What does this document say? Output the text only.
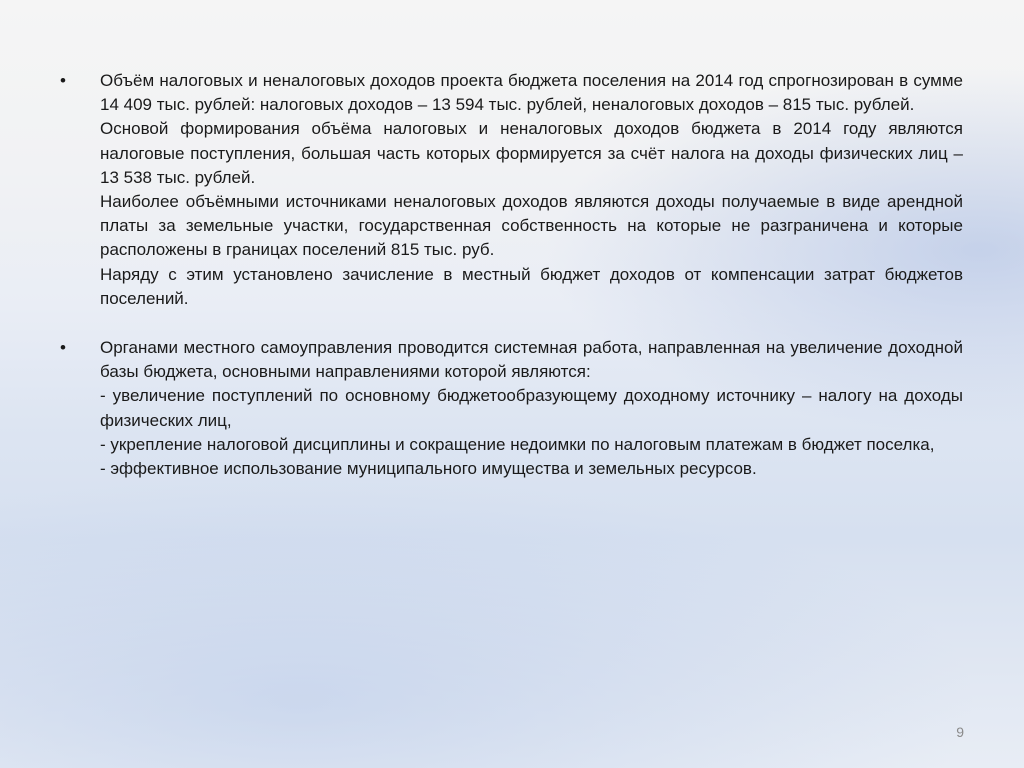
• Объём налоговых и неналоговых доходов проекта бюджета поселения на 2014 год спрогнозирован в сумме 14 409 тыс. рублей: налоговых доходов – 13 594 тыс. рублей, неналоговых доходов – 815 тыс. рублей.

Основой формирования объёма налоговых и неналоговых доходов бюджета в 2014 году являются налоговые поступления, большая часть которых формируется за счёт налога на доходы физических лиц – 13 538 тыс. рублей.

Наиболее объёмными источниками неналоговых доходов являются доходы получаемые в виде арендной платы за земельные участки, государственная собственность на которые не разграничена и которые расположены в границах поселений 815 тыс. руб.

Наряду с этим установлено зачисление в местный бюджет доходов от компенсации затрат бюджетов поселений.

• Органами местного самоуправления проводится системная работа, направленная на увеличение доходной базы бюджета, основными направлениями которой являются:

- увеличение поступлений по основному бюджетообразующему доходному источнику – налогу на доходы физических лиц,

- укрепление налоговой дисциплины и сокращение недоимки по налоговым платежам в бюджет поселка,

- эффективное использование муниципального имущества и земельных ресурсов.

9
